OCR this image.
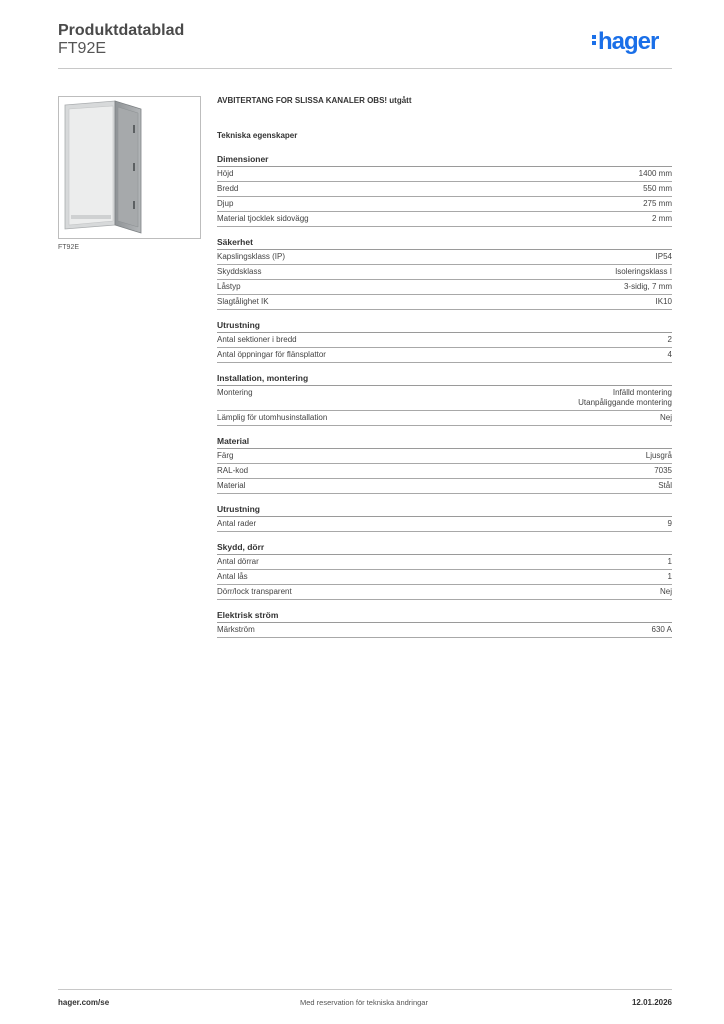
Produktdatablad
FT92E	hager
FT92E
AVBITERTANG FOR SLISSA KANALER OBS! utgått
Tekniska egenskaper
Dimensioner
Höjd	1400 mm
Bredd	550 mm
Djup	275 mm
Material tjocklek sidovägg	2 mm
Säkerhet
Kapslingsklass (IP)	IP54
Skyddsklass	Isoleringsklass I
Låstyp	3-sidig, 7 mm
Slagtålighet IK	IK10
Utrustning
Antal sektioner i bredd	2
Antal öppningar för flänsplattor	4
Installation, montering
Montering	Infälld montering
Utanpåliggande montering
Lämplig för utomhusinstallation	Nej
Material
Färg	Ljusgrå
RAL-kod	7035
Material	Stål
Utrustning
Antal rader	9
Skydd, dörr
Antal dörrar	1
Antal lås	1
Dörr/lock transparent	Nej
Elektrisk ström
Märkström	630 A
hager.com/se	Med reservation för tekniska ändringar	12.01.2026
